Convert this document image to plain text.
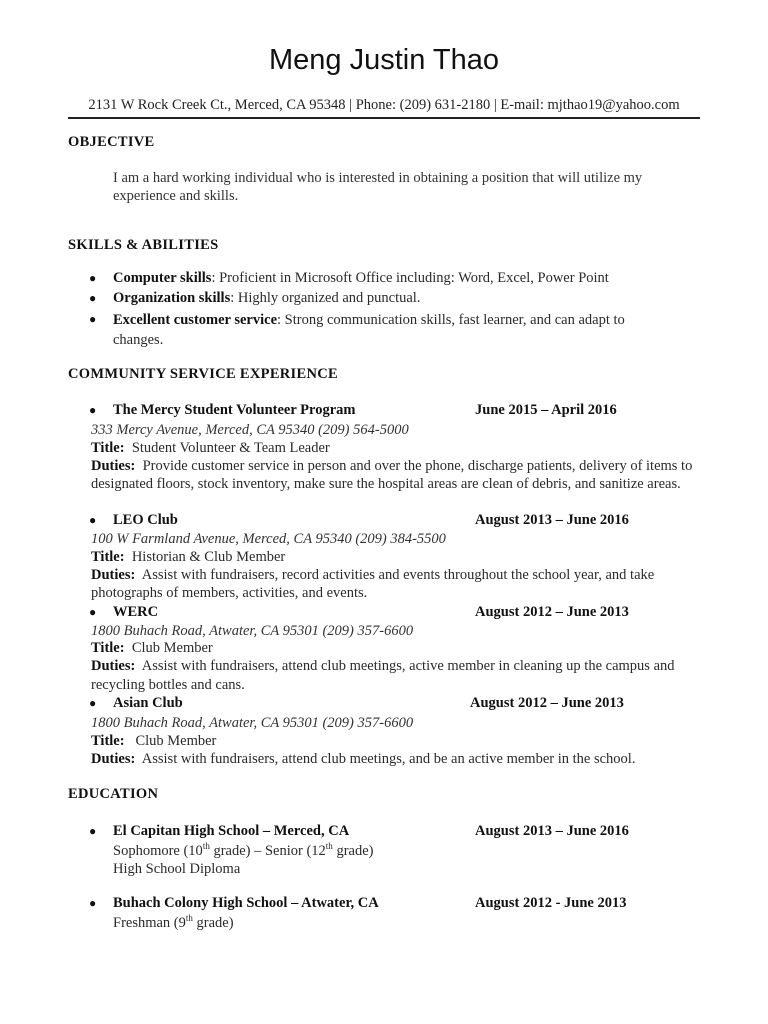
Meng Justin Thao
2131 W Rock Creek Ct., Merced, CA 95348 | Phone: (209) 631-2180 | E-mail: mjthao19@yahoo.com
OBJECTIVE
I am a hard working individual who is interested in obtaining a position that will utilize my experience and skills.
SKILLS & ABILITIES
● Computer skills: Proficient in Microsoft Office including: Word, Excel, Power Point
● Organization skills: Highly organized and punctual.
● Excellent customer service: Strong communication skills, fast learner, and can adapt to changes.
COMMUNITY SERVICE EXPERIENCE
● The Mercy Student Volunteer Program	June 2015 – April 2016
333 Mercy Avenue, Merced, CA 95340 (209) 564-5000
Title: Student Volunteer & Team Leader
Duties: Provide customer service in person and over the phone, discharge patients, delivery of items to designated floors, stock inventory, make sure the hospital areas are clean of debris, and sanitize areas.
● LEO Club	August 2013 – June 2016
100 W Farmland Avenue, Merced, CA 95340 (209) 384-5500
Title: Historian & Club Member
Duties: Assist with fundraisers, record activities and events throughout the school year, and take photographs of members, activities, and events.
● WERC	August 2012 – June 2013
1800 Buhach Road, Atwater, CA 95301 (209) 357-6600
Title: Club Member
Duties: Assist with fundraisers, attend club meetings, active member in cleaning up the campus and recycling bottles and cans.
● Asian Club	August 2012 – June 2013
1800 Buhach Road, Atwater, CA 95301 (209) 357-6600
Title: Club Member
Duties: Assist with fundraisers, attend club meetings, and be an active member in the school.
EDUCATION
● El Capitan High School – Merced, CA	August 2013 – June 2016
Sophomore (10th grade) – Senior (12th grade)
High School Diploma
● Buhach Colony High School – Atwater, CA	August 2012 - June 2013
Freshman (9th grade)
